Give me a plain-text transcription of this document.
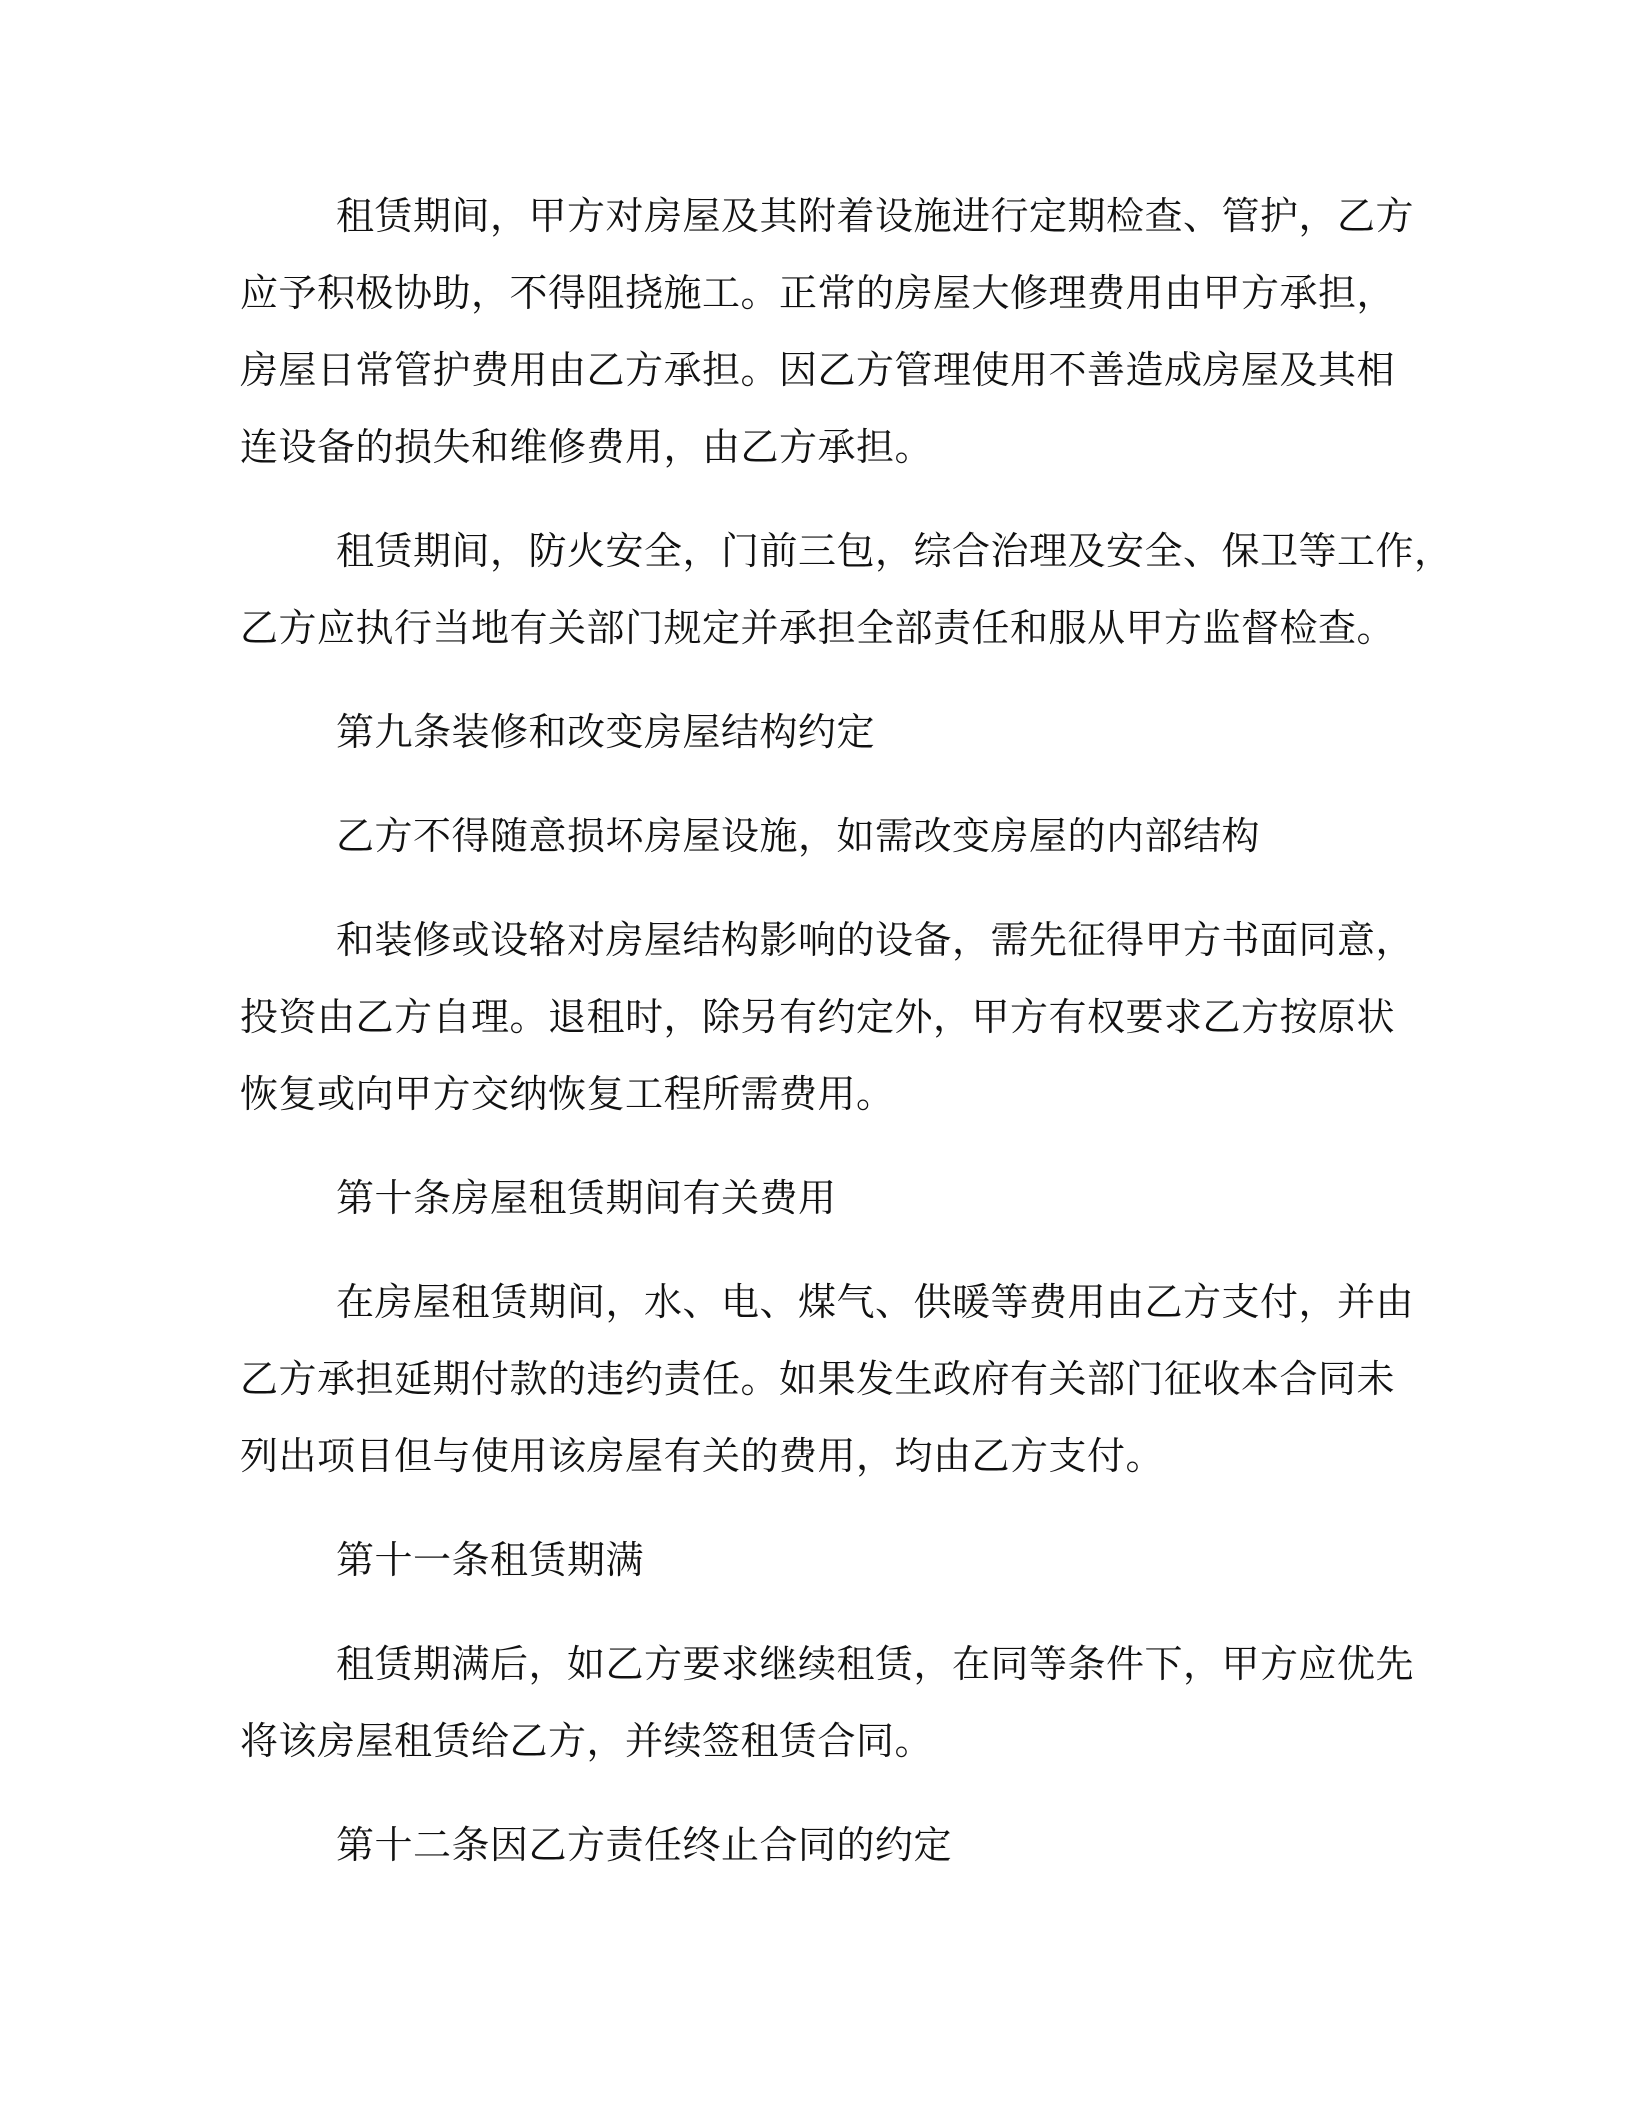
租赁期间，甲方对房屋及其附着设施进行定期检查、管护，乙方
应予积极协助，不得阻挠施工。正常的房屋大修理费用由甲方承担，
房屋日常管护费用由乙方承担。因乙方管理使用不善造成房屋及其相
连设备的损失和维修费用，由乙方承担。

租赁期间，防火安全，门前三包，综合治理及安全、保卫等工作，
乙方应执行当地有关部门规定并承担全部责任和服从甲方监督检查。

第九条装修和改变房屋结构约定

乙方不得随意损坏房屋设施，如需改变房屋的内部结构

和装修或设辂对房屋结构影响的设备，需先征得甲方书面同意，
投资由乙方自理。退租时，除另有约定外，甲方有权要求乙方按原状
恢复或向甲方交纳恢复工程所需费用。

第十条房屋租赁期间有关费用

在房屋租赁期间，水、电、煤气、供暖等费用由乙方支付，并由
乙方承担延期付款的违约责任。如果发生政府有关部门征收本合同未
列出项目但与使用该房屋有关的费用，均由乙方支付。

第十一条租赁期满

租赁期满后，如乙方要求继续租赁，在同等条件下，甲方应优先
将该房屋租赁给乙方，并续签租赁合同。

第十二条因乙方责任终止合同的约定
